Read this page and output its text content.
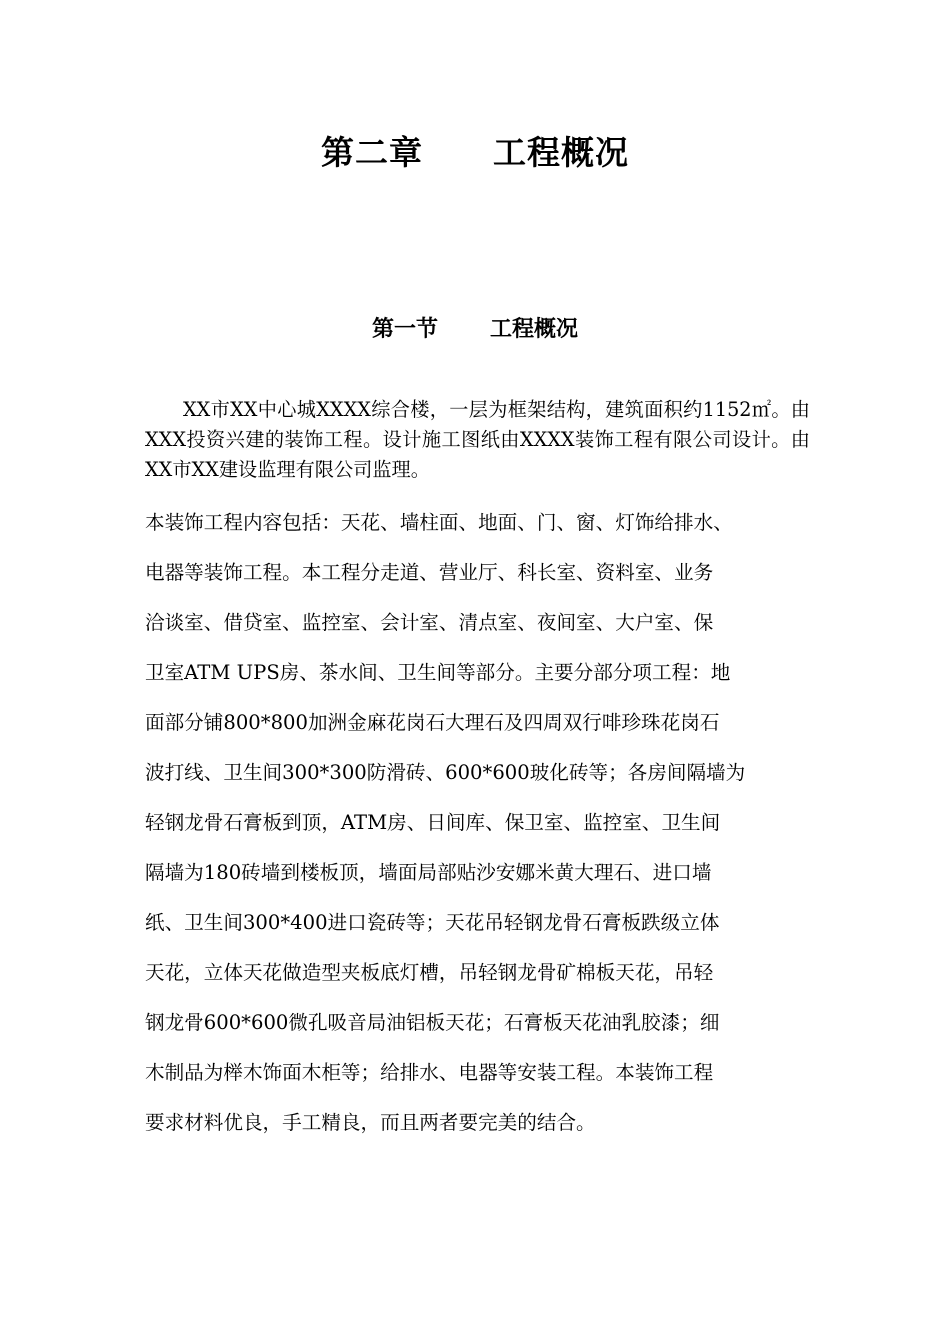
第二章 工程概况
第一节 工程概况

XX市XX中心城XXXX综合楼，一层为框架结构，建筑面积约1152㎡。由XXX投资兴建的装饰工程。设计施工图纸由XXXX装饰工程有限公司设计。由XX市XX建设监理有限公司监理。

本装饰工程内容包括：天花、墙柱面、地面、门、窗、灯饰给排水、
电器等装饰工程。本工程分走道、营业厅、科长室、资料室、业务
洽谈室、借贷室、监控室、会计室、清点室、夜间室、大户室、保
卫室ATM UPS房、茶水间、卫生间等部分。主要分部分项工程：地
面部分铺800*800加洲金麻花岗石大理石及四周双行啡珍珠花岗石
波打线、卫生间300*300防滑砖、600*600玻化砖等；各房间隔墙为
轻钢龙骨石膏板到顶，ATM房、日间库、保卫室、监控室、卫生间
隔墙为180砖墙到楼板顶，墙面局部贴沙安娜米黄大理石、进口墙
纸、卫生间300*400进口瓷砖等；天花吊轻钢龙骨石膏板跌级立体
天花，立体天花做造型夹板底灯槽，吊轻钢龙骨矿棉板天花，吊轻
钢龙骨600*600微孔吸音局油铝板天花；石膏板天花油乳胶漆；细
木制品为榉木饰面木柜等；给排水、电器等安装工程。本装饰工程
要求材料优良，手工精良，而且两者要完美的结合。
